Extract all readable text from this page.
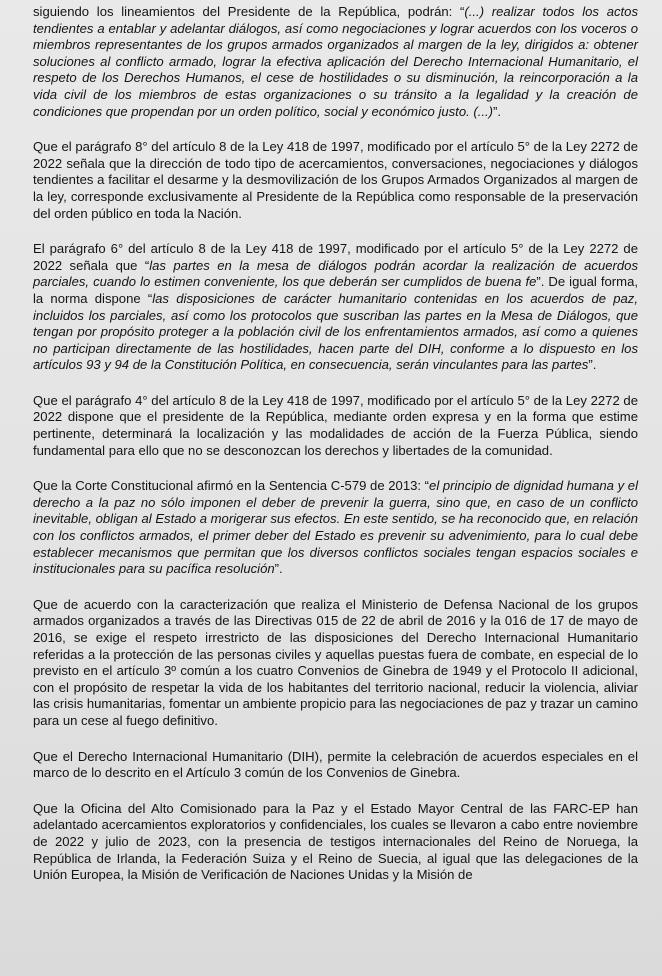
siguiendo los lineamientos del Presidente de la República, podrán: “(...) realizar todos los actos tendientes a entablar y adelantar diálogos, así como negociaciones y lograr acuerdos con los voceros o miembros representantes de los grupos armados organizados al margen de la ley, dirigidos a: obtener soluciones al conflicto armado, lograr la efectiva aplicación del Derecho Internacional Humanitario, el respeto de los Derechos Humanos, el cese de hostilidades o su disminución, la reincorporación a la vida civil de los miembros de estas organizaciones o su tránsito a la legalidad y la creación de condiciones que propendan por un orden político, social y económico justo. (...)”.

Que el parágrafo 8° del artículo 8 de la Ley 418 de 1997, modificado por el artículo 5° de la Ley 2272 de 2022 señala que la dirección de todo tipo de acercamientos, conversaciones, negociaciones y diálogos tendientes a facilitar el desarme y la desmovilización de los Grupos Armados Organizados al margen de la ley, corresponde exclusivamente al Presidente de la República como responsable de la preservación del orden público en toda la Nación.

El parágrafo 6° del artículo 8 de la Ley 418 de 1997, modificado por el artículo 5° de la Ley 2272 de 2022 señala que “las partes en la mesa de diálogos podrán acordar la realización de acuerdos parciales, cuando lo estimen conveniente, los que deberán ser cumplidos de buena fe”. De igual forma, la norma dispone “las disposiciones de carácter humanitario contenidas en los acuerdos de paz, incluidos los parciales, así como los protocolos que suscriban las partes en la Mesa de Diálogos, que tengan por propósito proteger a la población civil de los enfrentamientos armados, así como a quienes no participan directamente de las hostilidades, hacen parte del DIH, conforme a lo dispuesto en los artículos 93 y 94 de la Constitución Política, en consecuencia, serán vinculantes para las partes”.

Que el parágrafo 4° del artículo 8 de la Ley 418 de 1997, modificado por el artículo 5° de la Ley 2272 de 2022 dispone que el presidente de la República, mediante orden expresa y en la forma que estime pertinente, determinará la localización y las modalidades de acción de la Fuerza Pública, siendo fundamental para ello que no se desconozcan los derechos y libertades de la comunidad.

Que la Corte Constitucional afirmó en la Sentencia C-579 de 2013: “el principio de dignidad humana y el derecho a la paz no sólo imponen el deber de prevenir la guerra, sino que, en caso de un conflicto inevitable, obligan al Estado a morigerar sus efectos. En este sentido, se ha reconocido que, en relación con los conflictos armados, el primer deber del Estado es prevenir su advenimiento, para lo cual debe establecer mecanismos que permitan que los diversos conflictos sociales tengan espacios sociales e institucionales para su pacífica resolución”.

Que de acuerdo con la caracterización que realiza el Ministerio de Defensa Nacional de los grupos armados organizados a través de las Directivas 015 de 22 de abril de 2016 y la 016 de 17 de mayo de 2016, se exige el respeto irrestricto de las disposiciones del Derecho Internacional Humanitario referidas a la protección de las personas civiles y aquellas puestas fuera de combate, en especial de lo previsto en el artículo 3º común a los cuatro Convenios de Ginebra de 1949 y el Protocolo II adicional, con el propósito de respetar la vida de los habitantes del territorio nacional, reducir la violencia, aliviar las crisis humanitarias, fomentar un ambiente propicio para las negociaciones de paz y trazar un camino para un cese al fuego definitivo.

Que el Derecho Internacional Humanitario (DIH), permite la celebración de acuerdos especiales en el marco de lo descrito en el Artículo 3 común de los Convenios de Ginebra.

Que la Oficina del Alto Comisionado para la Paz y el Estado Mayor Central de las FARC-EP han adelantado acercamientos exploratorios y confidenciales, los cuales se llevaron a cabo entre noviembre de 2022 y julio de 2023, con la presencia de testigos internacionales del Reino de Noruega, la República de Irlanda, la Federación Suiza y el Reino de Suecia, al igual que las delegaciones de la Unión Europea, la Misión de Verificación de Naciones Unidas y la Misión de
